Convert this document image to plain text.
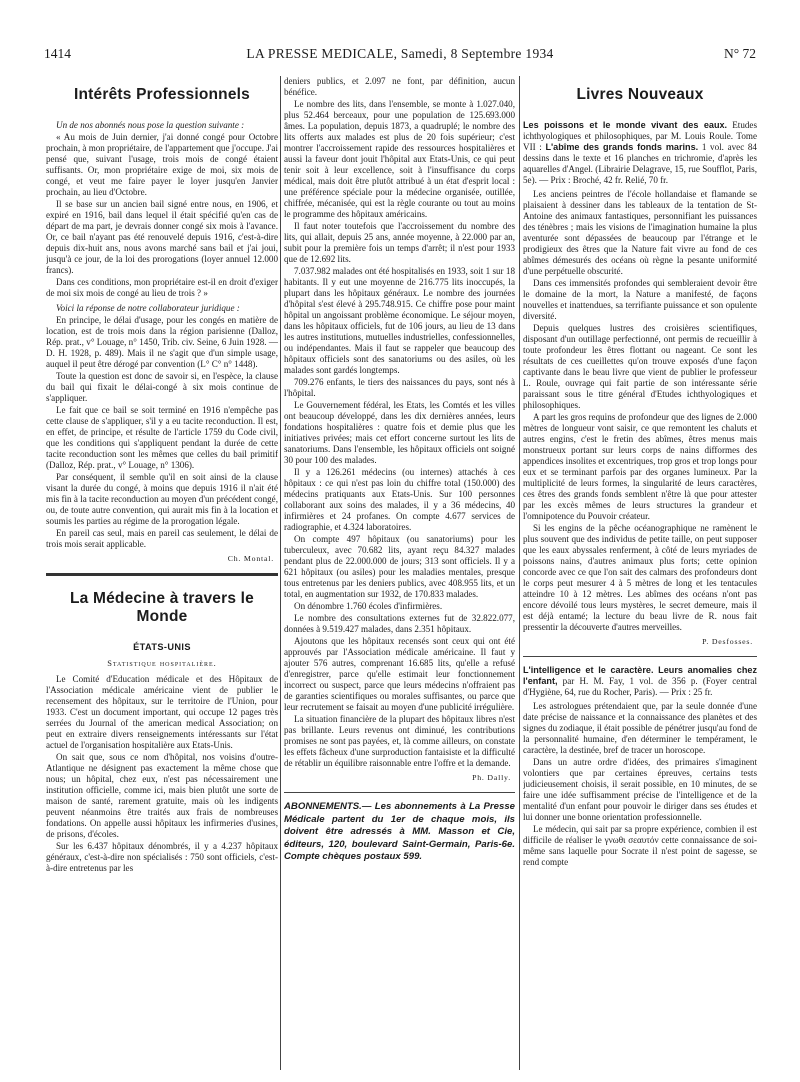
1414	LA PRESSE MEDICALE, Samedi, 8 Septembre 1934	N° 72
Intérêts Professionnels

Un de nos abonnés nous pose la question suivante :

« Au mois de Juin dernier, j'ai donné congé pour Octobre prochain, à mon propriétaire, de l'appartement que j'occupe. J'ai pensé que, suivant l'usage, trois mois de congé étaient suffisants. Or, mon propriétaire exige de moi, six mois de congé, et veut me faire payer le loyer jusqu'en Janvier prochain, au lieu d'Octobre.

Il se base sur un ancien bail signé entre nous, en 1906, et expiré en 1916, bail dans lequel il était spécifié qu'en cas de départ de ma part, je devrais donner congé six mois à l'avance. Or, ce bail n'ayant pas été renouvelé depuis 1916, c'est-à-dire depuis dix-huit ans, nous avons marché sans bail et j'ai joui, jusqu'à ce jour, de la loi des prorogations (loyer annuel 12.000 francs).

Dans ces conditions, mon propriétaire est-il en droit d'exiger de moi six mois de congé au lieu de trois ? »

Voici la réponse de notre collaborateur juridique :

En principe, le délai d'usage, pour les congés en matière de location, est de trois mois dans la région parisienne (Dalloz, Rép. prat., v° Louage, n° 1450, Trib. civ. Seine, 6 Juin 1928. — D. H. 1928, p. 489). Mais il ne s'agit que d'un simple usage, auquel il peut être dérogé par convention (L° C° n° 1448).

Toute la question est donc de savoir si, en l'espèce, la clause du bail qui fixait le délai-congé à six mois continue de s'appliquer.

Le fait que ce bail se soit terminé en 1916 n'empêche pas cette clause de s'appliquer, s'il y a eu tacite reconduction. Il est, en effet, de principe, et résulte de l'article 1759 du Code civil, que les conditions qui s'appliquent pendant la durée de cette tacite reconduction sont les mêmes que celles du bail primitif (Dalloz, Rép. prat., v° Louage, n° 1306).

Par conséquent, il semble qu'il en soit ainsi de la clause visant la durée du congé, à moins que depuis 1916 il n'ait été mis fin à la tacite reconduction au moyen d'un précédent congé, ou, de toute autre convention, qui aurait mis fin à la location et soumis les parties au régime de la prorogation légale.

En pareil cas seul, mais en pareil cas seulement, le délai de trois mois serait applicable.

Ch. Montal.
La Médecine à travers le Monde
ÉTATS-UNIS
Statistique hospitalière.

Le Comité d'Education médicale et des Hôpitaux de l'Association médicale américaine vient de publier le recensement des hôpitaux, sur le territoire de l'Union, pour 1933. C'est un document important, qui occupe 12 pages très serrées du Journal of the american medical Association; on peut en extraire divers renseignements intéressants sur l'état actuel de l'organisation hospitalière aux Etats-Unis.

On sait que, sous ce nom d'hôpital, nos voisins d'outre-Atlantique ne désignent pas exactement la même chose que nous; un hôpital, chez eux, n'est pas nécessairement une institution officielle, comme ici, mais bien plutôt une sorte de maison de santé, rarement gratuite, mais où les indigents peuvent néanmoins être traités aux frais de nombreuses fondations. On appelle aussi hôpitaux les infirmeries d'usines, de prisons, d'écoles.

Sur les 6.437 hôpitaux dénombrés, il y a 4.237 hôpitaux généraux, c'est-à-dire non spécialisés : 750 sont officiels, c'est-à-dire entretenus par les

deniers publics, et 2.097 ne font, par définition, aucun bénéfice.

Le nombre des lits, dans l'ensemble, se monte à 1.027.040, plus 52.464 berceaux, pour une population de 125.693.000 âmes. La population, depuis 1873, a quadruplé; le nombre des lits offerts aux malades est plus de 20 fois supérieur; c'est montrer l'accroissement rapide des ressources hospitalières et aussi la faveur dont jouit l'hôpital aux Etats-Unis, ce qui peut tenir soit à leur excellence, soit à l'insuffisance du corps médical, mais doit être plutôt attribué à un état d'esprit local : une préférence spéciale pour la médecine organisée, outillée, chiffrée, mécanisée, qui est la règle courante ou tout au moins le programme des hôpitaux américains.

Il faut noter toutefois que l'accroissement du nombre des lits, qui allait, depuis 25 ans, année moyenne, à 22.000 par an, subit pour la première fois un temps d'arrêt; il n'est pour 1933 que de 12.692 lits.

7.037.982 malades ont été hospitalisés en 1933, soit 1 sur 18 habitants. Il y eut une moyenne de 216.775 lits inoccupés, la plupart dans les hôpitaux généraux. Le nombre des journées d'hôpital s'est élevé à 295.748.915. Ce chiffre pose pour maint hôpital un angoissant problème économique. Le séjour moyen, dans les hôpitaux officiels, fut de 106 jours, au lieu de 13 dans les autres institutions, mutuelles industrielles, confessionnelles, ou indépendantes. Mais il faut se rappeler que beaucoup des hôpitaux officiels sont des sanatoriums ou des asiles, où les malades sont gardés longtemps.

709.276 enfants, le tiers des naissances du pays, sont nés à l'hôpital.

Le Gouvernement fédéral, les Etats, les Comtés et les villes ont beaucoup développé, dans les dix dernières années, leurs fondations hospitalières : quatre fois et demie plus que les initiatives privées; mais cet effort concerne surtout les lits de sanatoriums. Dans l'ensemble, les hôpitaux officiels ont soigné 30 pour 100 des malades.

Il y a 126.261 médecins (ou internes) attachés à ces hôpitaux : ce qui n'est pas loin du chiffre total (150.000) des médecins pratiquants aux Etats-Unis. Sur 100 personnes collaborant aux soins des malades, il y a 36 médecins, 40 infirmières et 24 profanes. On compte 4.677 services de radiographie, et 4.324 laboratoires.

On compte 497 hôpitaux (ou sanatoriums) pour les tuberculeux, avec 70.682 lits, ayant reçu 84.327 malades pendant plus de 22.000.000 de jours; 313 sont officiels. Il y a 621 hôpitaux (ou asiles) pour les maladies mentales, presque tous entretenus par les deniers publics, avec 408.955 lits, et un total, en augmentation sur 1932, de 170.833 malades.

On dénombre 1.760 écoles d'infirmières.

Le nombre des consultations externes fut de 32.822.077, données à 9.519.427 malades, dans 2.351 hôpitaux.

Ajoutons que les hôpitaux recensés sont ceux qui ont été approuvés par l'Association médicale américaine. Il faut y ajouter 576 autres, comprenant 16.685 lits, qu'elle a refusé d'enregistrer, parce qu'elle estimait leur fonctionnement incorrect ou suspect, parce que leurs médecins n'offraient pas de garanties scientifiques ou morales suffisantes, ou parce que leur recrutement se faisait au moyen d'une publicité irrégulière.

La situation financière de la plupart des hôpitaux libres n'est pas brillante. Leurs revenus ont diminué, les contributions promises ne sont pas payées, et, là comme ailleurs, on constate les effets fâcheux d'une surproduction fantaisiste et la difficulté de rétablir un équilibre raisonnable entre l'offre et la demande.

Ph. Dally.

ABONNEMENTS.— Les abonnements à La Presse Médicale partent du 1er de chaque mois, ils doivent être adressés à MM. Masson et Cie, éditeurs, 120, boulevard Saint-Germain, Paris-6e. Compte chèques postaux 599.

Livres Nouveaux

Les poissons et le monde vivant des eaux. Etudes ichthyologiques et philosophiques, par M. Louis Roule. Tome VII : L'abîme des grands fonds marins. 1 vol. avec 84 dessins dans le texte et 16 planches en trichromie, d'après les aquarelles d'Angel. (Librairie Delagrave, 15, rue Soufflot, Paris, 5e). — Prix : Broché, 42 fr. Relié, 70 fr.

Les anciens peintres de l'école hollandaise et flamande se plaisaient à dessiner dans les tableaux de la tentation de St-Antoine des animaux fantastiques, personnifiant les puissances des ténèbres ; mais les visions de l'imagination humaine la plus aventurée sont dépassées de beaucoup par l'étrange et le prodigieux des êtres que la Nature fait vivre au fond de ces abîmes démesurés des océans où règne la pesante uniformité d'une perpétuelle obscurité.

Dans ces immensités profondes qui sembleraient devoir être le domaine de la mort, la Nature a manifesté, de façons nouvelles et inattendues, sa terrifiante puissance et son opulente diversité.

Depuis quelques lustres des croisières scientifiques, disposant d'un outillage perfectionné, ont permis de recueillir à toute profondeur les êtres flottant ou nageant. Ce sont les résultats de ces cueillettes qu'on trouve exposés d'une façon captivante dans le beau livre que vient de publier le professeur L. Roule, ouvrage qui fait partie de son intéressante série paraissant sous le titre général d'Etudes ichthyologiques et philosophiques.

A part les gros requins de profondeur que des lignes de 2.000 mètres de longueur vont saisir, ce que remontent les chaluts et autres engins, c'est le fretin des abîmes, êtres menus mais monstrueux portant sur leurs corps de nains difformes des appendices insolites et excentriques, trop gros et trop longs pour eux et se terminant parfois par des organes lumineux. Par la multiplicité de leurs formes, la singularité de leurs caractères, ces êtres des grands fonds semblent n'être là que pour attester par les excès mêmes de leurs structures la grandeur et l'omnipotence du Pouvoir créateur.

Si les engins de la pêche océanographique ne ramènent le plus souvent que des individus de petite taille, on peut supposer que les eaux abyssales renferment, à côté de leurs myriades de poissons nains, d'autres animaux plus forts; cette opinion concorde avec ce que l'on sait des calmars des profondeurs dont le corps peut mesurer 4 à 5 mètres de long et les tentacules atteindre 10 à 12 mètres. Les abîmes des océans n'ont pas encore dévoilé tous leurs mystères, le secret demeure, mais il est déjà entamé; la lecture du beau livre de R. nous fait pressentir la découverte d'autres merveilles.

P. Desfosses.

L'intelligence et le caractère. Leurs anomalies chez l'enfant, par H. M. Fay, 1 vol. de 356 p. (Foyer central d'Hygiène, 64, rue du Rocher, Paris). — Prix : 25 fr.

Les astrologues prétendaient que, par la seule donnée d'une date précise de naissance et la connaissance des planètes et des signes du zodiaque, il était possible de pénétrer jusqu'au fond de la personnalité humaine, d'en déterminer le tempérament, le caractère, la destinée, bref de tracer un horoscope.

Dans un autre ordre d'idées, des primaires s'imaginent volontiers que par certaines épreuves, certains tests judicieusement choisis, il serait possible, en 10 minutes, de se faire une idée suffisamment précise de l'intelligence et de la mentalité d'un enfant pour pouvoir le diriger dans ses études et lui donner une bonne orientation professionnelle.

Le médecin, qui sait par sa propre expérience, combien il est difficile de réaliser le γνωθι σεαυτόν cette connaissance de soi-même sans laquelle pour Socrate il n'est point de sagesse, se rend compte
